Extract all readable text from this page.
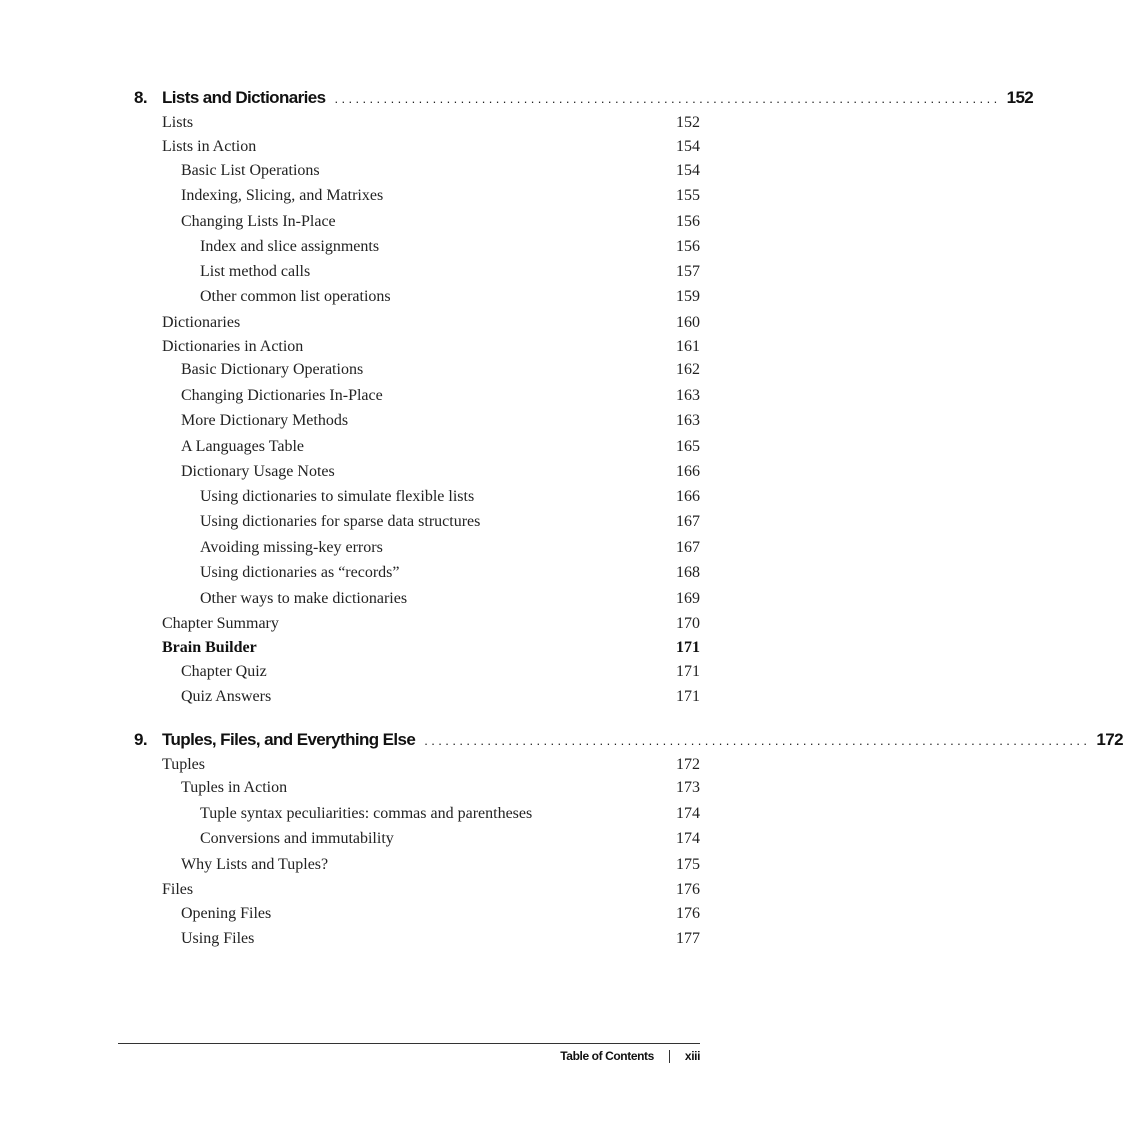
8. Lists and Dictionaries ............................................................................................... 152
Lists	152
Lists in Action	154
Basic List Operations	154
Indexing, Slicing, and Matrixes	155
Changing Lists In-Place	156
Index and slice assignments	156
List method calls	157
Other common list operations	159
Dictionaries	160
Dictionaries in Action	161
Basic Dictionary Operations	162
Changing Dictionaries In-Place	163
More Dictionary Methods	163
A Languages Table	165
Dictionary Usage Notes	166
Using dictionaries to simulate flexible lists	166
Using dictionaries for sparse data structures	167
Avoiding missing-key errors	167
Using dictionaries as “records”	168
Other ways to make dictionaries	169
Chapter Summary	170
Brain Builder	171
Chapter Quiz	171
Quiz Answers	171
9. Tuples, Files, and Everything Else ............................................................................................... 172
Tuples	172
Tuples in Action	173
Tuple syntax peculiarities: commas and parentheses	174
Conversions and immutability	174
Why Lists and Tuples?	175
Files	176
Opening Files	176
Using Files	177
Table of Contents	xiii
